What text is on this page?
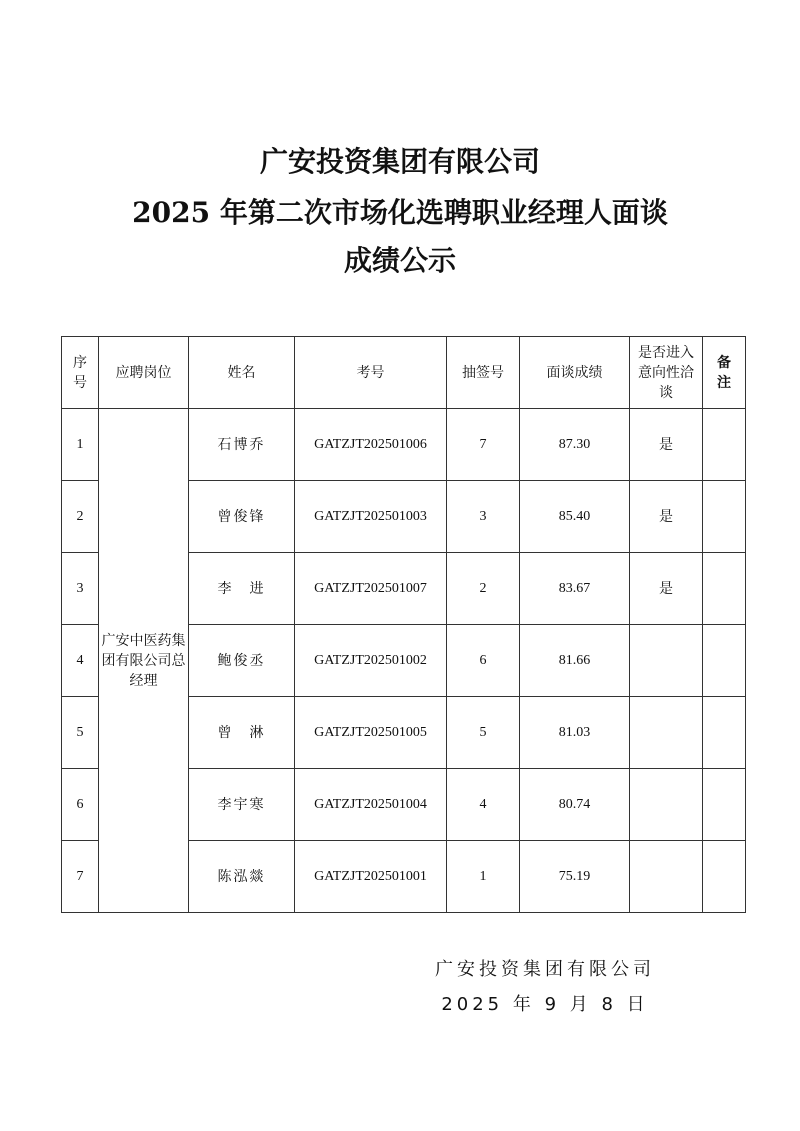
广安投资集团有限公司
2025 年第二次市场化选聘职业经理人面谈
成绩公示
序号	应聘岗位	姓名	考号	抽签号	面谈成绩	是否进入意向性洽谈	备注
1	广安中医药集团有限公司总经理	石博乔	GATZJT202501006	7	87.30	是	
2		曾俊锋	GATZJT202501003	3	85.40	是	
3		李　进	GATZJT202501007	2	83.67	是	
4		鲍俊丞	GATZJT202501002	6	81.66		
5		曾　淋	GATZJT202501005	5	81.03		
6		李宇寒	GATZJT202501004	4	80.74		
7		陈泓燚	GATZJT202501001	1	75.19		
广安投资集团有限公司
2025 年 9 月 8 日
